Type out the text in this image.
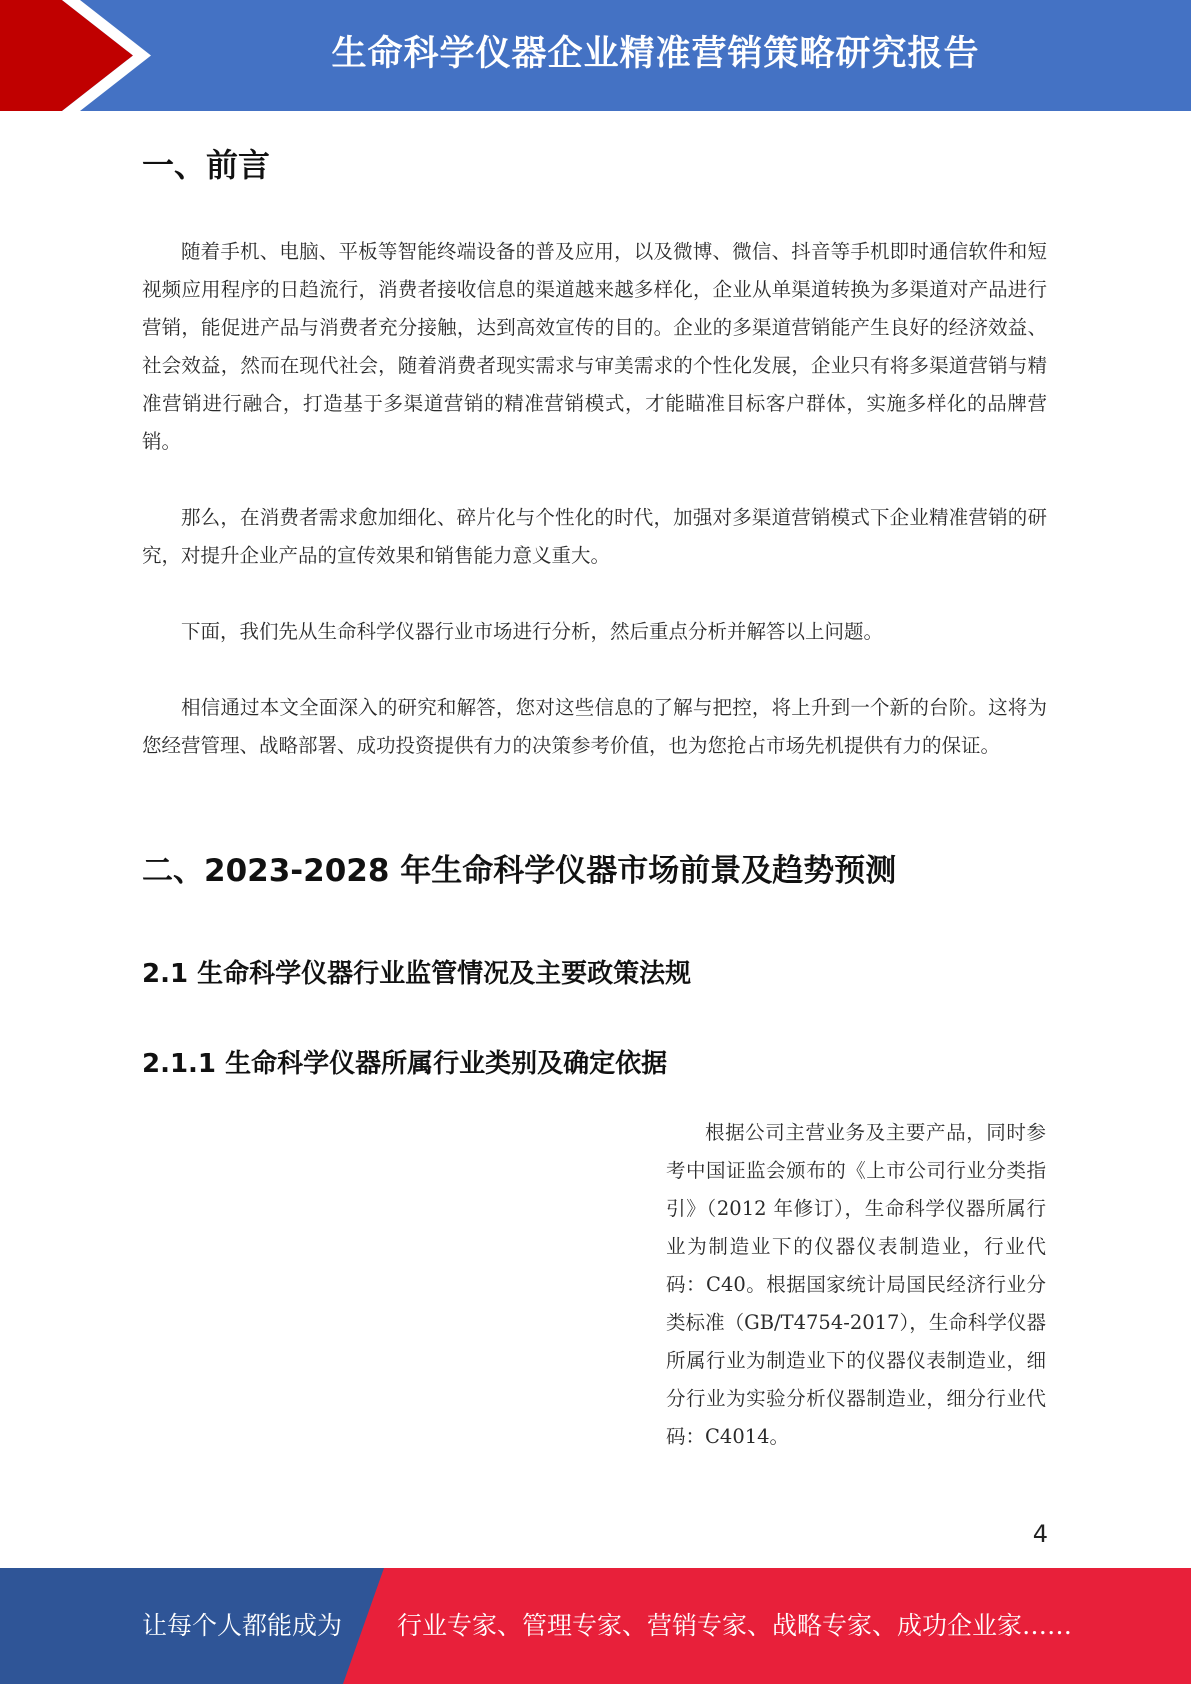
生命科学仪器企业精准营销策略研究报告
一、前言

随着手机、电脑、平板等智能终端设备的普及应用，以及微博、微信、抖音等手机即时通信软件和短视频应用程序的日趋流行，消费者接收信息的渠道越来越多样化，企业从单渠道转换为多渠道对产品进行营销，能促进产品与消费者充分接触，达到高效宣传的目的。企业的多渠道营销能产生良好的经济效益、社会效益，然而在现代社会，随着消费者现实需求与审美需求的个性化发展，企业只有将多渠道营销与精准营销进行融合，打造基于多渠道营销的精准营销模式，才能瞄准目标客户群体，实施多样化的品牌营销。

那么，在消费者需求愈加细化、碎片化与个性化的时代，加强对多渠道营销模式下企业精准营销的研究，对提升企业产品的宣传效果和销售能力意义重大。

下面，我们先从生命科学仪器行业市场进行分析，然后重点分析并解答以上问题。

相信通过本文全面深入的研究和解答，您对这些信息的了解与把控，将上升到一个新的台阶。这将为您经营管理、战略部署、成功投资提供有力的决策参考价值，也为您抢占市场先机提供有力的保证。

二、2023-2028 年生命科学仪器市场前景及趋势预测
2.1 生命科学仪器行业监管情况及主要政策法规
2.1.1 生命科学仪器所属行业类别及确定依据

根据公司主营业务及主要产品，同时参考中国证监会颁布的《上市公司行业分类指引》（2012 年修订），生命科学仪器所属行业为制造业下的仪器仪表制造业，行业代码：C40。根据国家统计局国民经济行业分类标准（GB/T4754-2017），生命科学仪器所属行业为制造业下的仪器仪表制造业，细分行业为实验分析仪器制造业，细分行业代码：C4014。

4
让每个人都能成为 行业专家、管理专家、营销专家、战略专家、成功企业家……
